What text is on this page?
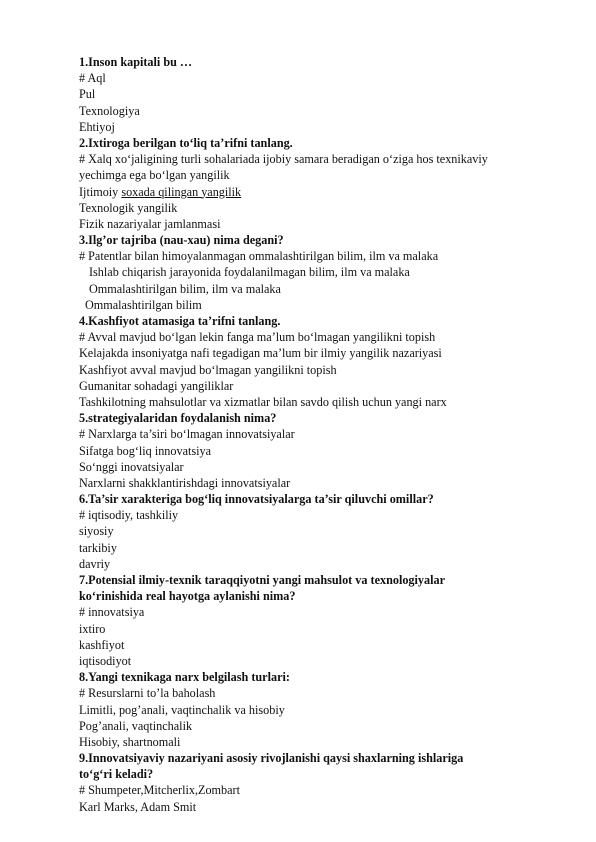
1.Inson kapitali bu …
# Aql
Pul
Texnologiya
Ehtiyoj
2.Ixtiroga berilgan to‘liq ta’rifni tanlang.
# Xalq xo‘jaligining turli sohalariada ijobiy samara beradigan o‘ziga hos texnikaviy
yechimga ega bo‘lgan yangilik
Ijtimoiy soxada qilingan yangilik
Texnologik yangilik
Fizik nazariyalar jamlanmasi
3.Ilg’or tajriba (nau-xau) nima degani?
# Patentlar bilan himoyalanmagan ommalashtirilgan bilim, ilm va malaka
Ishlab chiqarish jarayonida foydalanilmagan bilim, ilm va malaka
Ommalashtirilgan bilim, ilm va malaka
Ommalashtirilgan bilim
4.Kashfiyot atamasiga ta’rifni tanlang.
# Avval mavjud bo‘lgan lekin fanga ma’lum bo‘lmagan yangilikni topish
Kelajakda insoniyatga nafi tegadigan ma’lum bir ilmiy yangilik nazariyasi
Kashfiyot avval mavjud bo‘lmagan yangilikni topish
Gumanitar sohadagi yangiliklar
Tashkilotning mahsulotlar va xizmatlar bilan savdo qilish uchun yangi narx
5.strategiyalaridan foydalanish nima?
# Narxlarga ta’siri bo‘lmagan innovatsiyalar
Sifatga bog‘liq innovatsiya
So‘nggi inovatsiyalar
Narxlarni shakklantirishdagi innovatsiyalar
6.Ta’sir xarakteriga bog‘liq innovatsiyalarga ta’sir qiluvchi omillar?
# iqtisodiy, tashkiliy
siyosiy
tarkibiy
davriy
7.Potensial ilmiy-texnik taraqqiyotni yangi mahsulot va texnologiyalar
ko‘rinishida real hayotga aylanishi nima?
# innovatsiya
ixtiro
kashfiyot
iqtisodiyot
8.Yangi texnikaga narx belgilash turlari:
# Resurslarni to’la baholash
Limitli, pog’anali, vaqtinchalik va hisobiy
Pog’anali, vaqtinchalik
Hisobiy, shartnomali
9.Innovatsiyaviy nazariyani asosiy rivojlanishi qaysi shaxlarning ishlariga
to‘g‘ri keladi?
# Shumpeter,Mitcherlix,Zombart
Karl Marks, Adam Smit
